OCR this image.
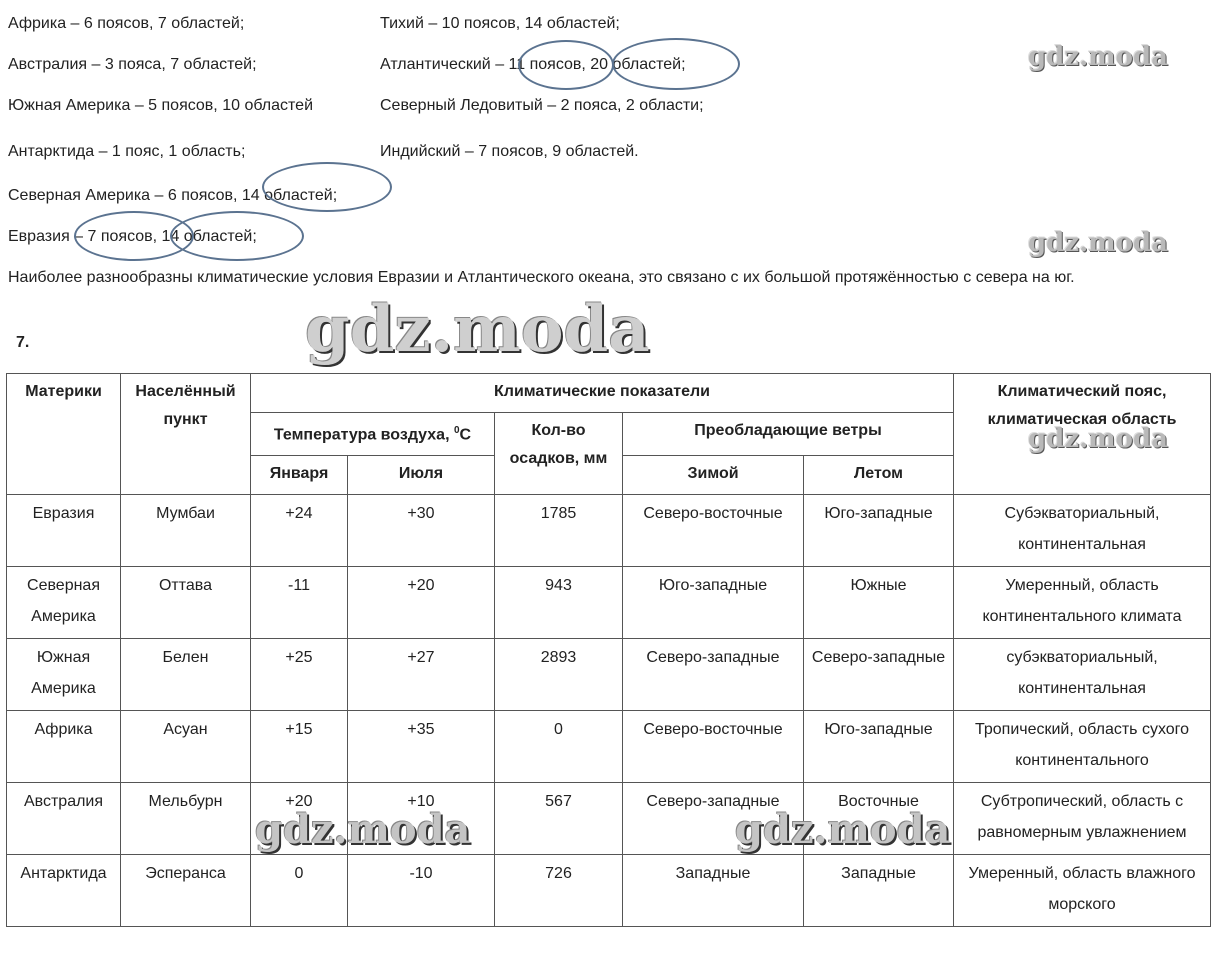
Африка – 6 поясов, 7 областей;
Австралия – 3 пояса, 7 областей;
Южная Америка – 5 поясов, 10 областей
Антарктида – 1 пояс, 1 область;
Северная Америка – 6 поясов, 14 областей;
Евразия – 7 поясов, 14 областей;
Тихий – 10 поясов, 14 областей;
Атлантический – 11 поясов, 20 областей;
Северный Ледовитый – 2 пояса, 2 области;
Индийский – 7 поясов, 9 областей.
Наиболее разнообразны климатические условия Евразии и Атлантического океана, это связано с их большой протяжённостью с севера на юг.
7.
Материки	Населённый пункт	Климатические показатели					Климатический пояс, климатическая область
		Температура воздуха, $^0$С		Кол-во осадков, мм	Преобладающие ветры		
		Января	Июля		Зимой	Летом	
Евразия	Мумбаи	+24	+30	1785	Северо-восточные	Юго-западные	Субэкваториальный, континентальная
Северная Америка	Оттава	-11	+20	943	Юго-западные	Южные	Умеренный, область континентального климата
Южная Америка	Белен	+25	+27	2893	Северо-западные	Северо-западные	субэкваториальный, континентальная
Африка	Асуан	+15	+35	0	Северо-восточные	Юго-западные	Тропический, область сухого континентального
Австралия	Мельбурн	+20	+10	567	Северо-западные	Восточные	Субтропический, область с равномерным увлажнением
Антарктида	Эсперанса	0	-10	726	Западные	Западные	Умеренный, область влажного морского
gdz.moda
gdz.moda
gdz.moda
gdz.moda
gdz.moda	gdz.moda
